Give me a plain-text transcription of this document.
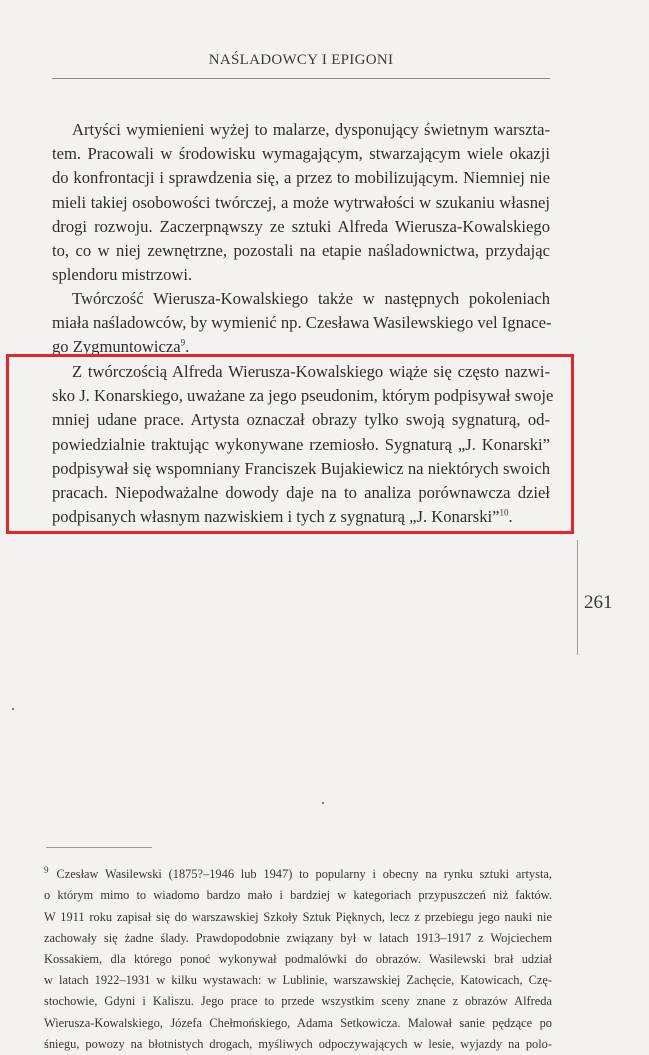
NAŚLADOWCY I EPIGONI
Artyści wymienieni wyżej to malarze, dysponujący świetnym warszta-
tem. Pracowali w środowisku wymagającym, stwarzającym wiele okazji
do konfrontacji i sprawdzenia się, a przez to mobilizującym. Niemniej nie
mieli takiej osobowości twórczej, a może wytrwałości w szukaniu własnej
drogi rozwoju. Zaczerpnąwszy ze sztuki Alfreda Wierusza-Kowalskiego
to, co w niej zewnętrzne, pozostali na etapie naśladownictwa, przydając
splendoru mistrzowi.
Twórczość Wierusza-Kowalskiego także w następnych pokoleniach
miała naśladowców, by wymienić np. Czesława Wasilewskiego vel Ignace-
go Zygmuntowicza$^9$.
Z twórczością Alfreda Wierusza-Kowalskiego wiąże się często nazwi-
sko J. Konarskiego, uważane za jego pseudonim, którym podpisywał swoje
mniej udane prace. Artysta oznaczał obrazy tylko swoją sygnaturą, od-
powiedzialnie traktując wykonywane rzemiosło. Sygnaturą „J. Konarski”
podpisywał się wspomniany Franciszek Bujakiewicz na niektórych swoich
pracach. Niepodważalne dowody daje na to analiza porównawcza dzieł
podpisanych własnym nazwiskiem i tych z sygnaturą „J. Konarski”$^{10}$.
261
$^9$ Czesław Wasilewski (1875?–1946 lub 1947) to popularny i obecny na rynku sztuki artysta,
o którym mimo to wiadomo bardzo mało i bardziej w kategoriach przypuszczeń niż faktów.
W 1911 roku zapisał się do warszawskiej Szkoły Sztuk Pięknych, lecz z przebiegu jego nauki nie
zachowały się żadne ślady. Prawdopodobnie związany był w latach 1913–1917 z Wojciechem
Kossakiem, dla którego ponoć wykonywał podmalówki do obrazów. Wasilewski brał udział
w latach 1922–1931 w kilku wystawach: w Lublinie, warszawskiej Zachęcie, Katowicach, Czę-
stochowie, Gdyni i Kaliszu. Jego prace to przede wszystkim sceny znane z obrazów Alfreda
Wierusza-Kowalskiego, Józefa Chełmońskiego, Adama Setkowicza. Malował sanie pędzące po
śniegu, powozy na błotnistych drogach, myśliwych odpoczywających w lesie, wyjazdy na polo-
